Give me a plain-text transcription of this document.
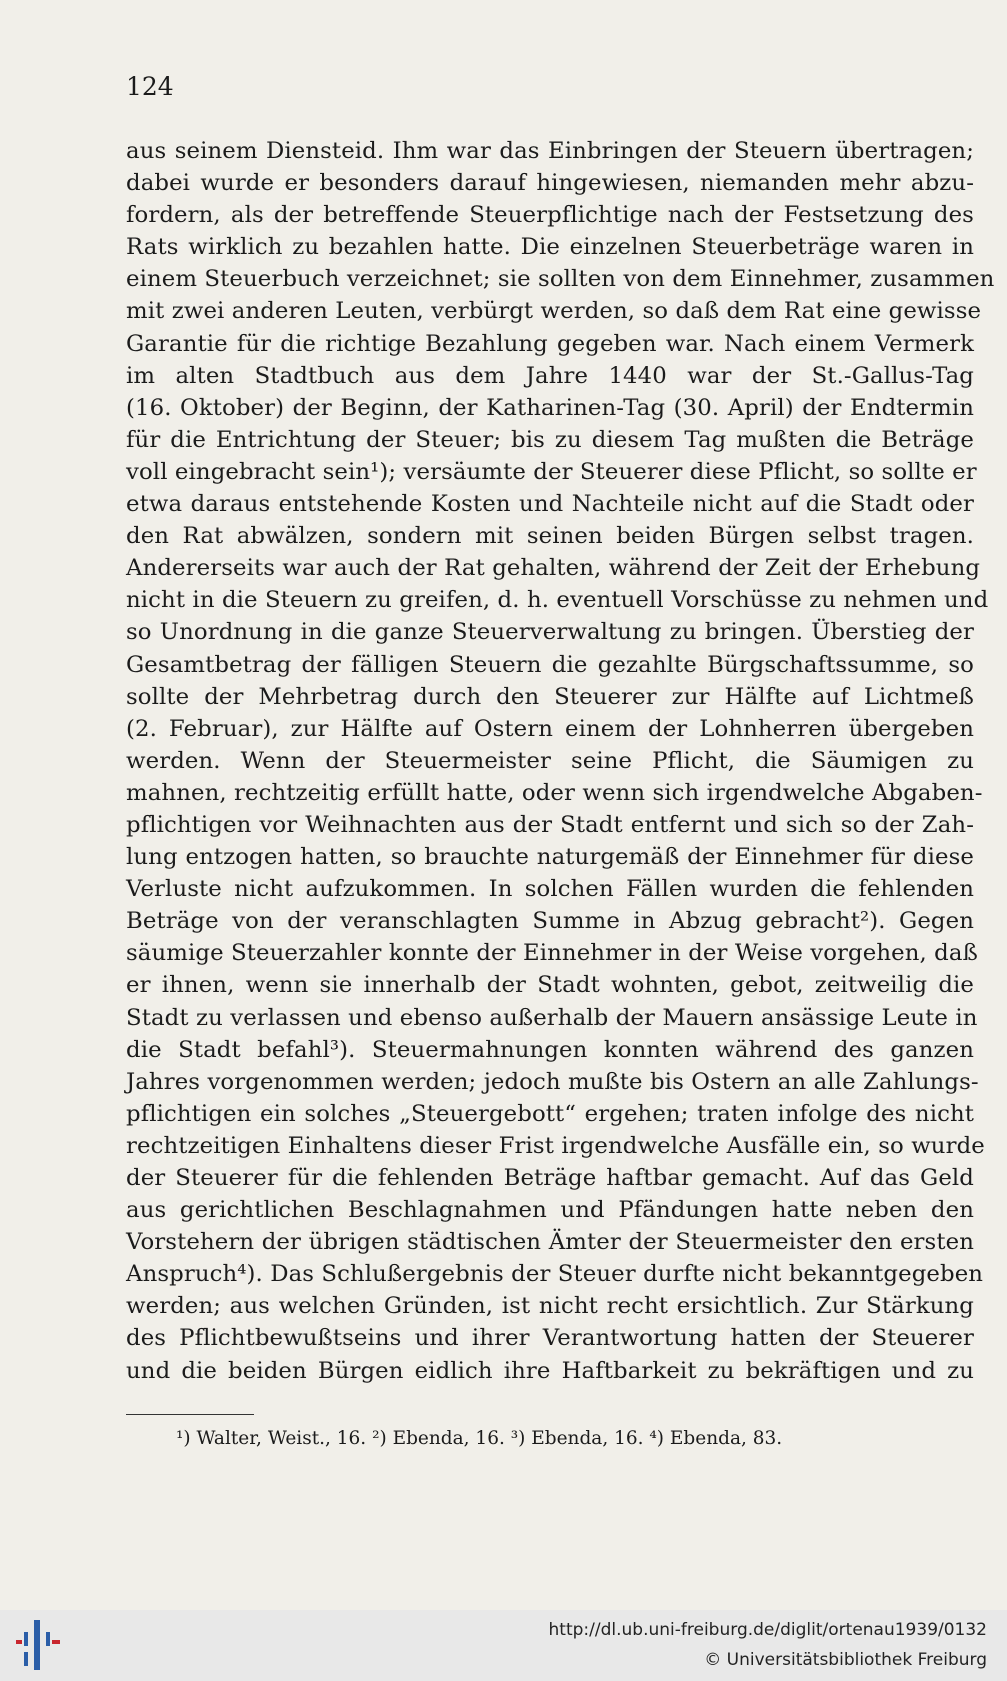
124
aus seinem Diensteid. Ihm war das Einbringen der Steuern übertragen;
dabei wurde er besonders darauf hingewiesen, niemanden mehr abzu-
fordern, als der betreffende Steuerpflichtige nach der Festsetzung des
Rats wirklich zu bezahlen hatte. Die einzelnen Steuerbeträge waren in
einem Steuerbuch verzeichnet; sie sollten von dem Einnehmer, zusammen
mit zwei anderen Leuten, verbürgt werden, so daß dem Rat eine gewisse
Garantie für die richtige Bezahlung gegeben war. Nach einem Vermerk
im alten Stadtbuch aus dem Jahre 1440 war der St.-Gallus-Tag
(16. Oktober) der Beginn, der Katharinen-Tag (30. April) der Endtermin
für die Entrichtung der Steuer; bis zu diesem Tag mußten die Beträge
voll eingebracht sein¹); versäumte der Steuerer diese Pflicht, so sollte er
etwa daraus entstehende Kosten und Nachteile nicht auf die Stadt oder
den Rat abwälzen, sondern mit seinen beiden Bürgen selbst tragen.
Andererseits war auch der Rat gehalten, während der Zeit der Erhebung
nicht in die Steuern zu greifen, d. h. eventuell Vorschüsse zu nehmen und
so Unordnung in die ganze Steuerverwaltung zu bringen. Überstieg der
Gesamtbetrag der fälligen Steuern die gezahlte Bürgschaftssumme, so
sollte der Mehrbetrag durch den Steuerer zur Hälfte auf Lichtmeß
(2. Februar), zur Hälfte auf Ostern einem der Lohnherren übergeben
werden. Wenn der Steuermeister seine Pflicht, die Säumigen zu
mahnen, rechtzeitig erfüllt hatte, oder wenn sich irgendwelche Abgaben-
pflichtigen vor Weihnachten aus der Stadt entfernt und sich so der Zah-
lung entzogen hatten, so brauchte naturgemäß der Einnehmer für diese
Verluste nicht aufzukommen. In solchen Fällen wurden die fehlenden
Beträge von der veranschlagten Summe in Abzug gebracht²). Gegen
säumige Steuerzahler konnte der Einnehmer in der Weise vorgehen, daß
er ihnen, wenn sie innerhalb der Stadt wohnten, gebot, zeitweilig die
Stadt zu verlassen und ebenso außerhalb der Mauern ansässige Leute in
die Stadt befahl³). Steuermahnungen konnten während des ganzen
Jahres vorgenommen werden; jedoch mußte bis Ostern an alle Zahlungs-
pflichtigen ein solches „Steuergebott“ ergehen; traten infolge des nicht
rechtzeitigen Einhaltens dieser Frist irgendwelche Ausfälle ein, so wurde
der Steuerer für die fehlenden Beträge haftbar gemacht. Auf das Geld
aus gerichtlichen Beschlagnahmen und Pfändungen hatte neben den
Vorstehern der übrigen städtischen Ämter der Steuermeister den ersten
Anspruch⁴). Das Schlußergebnis der Steuer durfte nicht bekanntgegeben
werden; aus welchen Gründen, ist nicht recht ersichtlich. Zur Stärkung
des Pflichtbewußtseins und ihrer Verantwortung hatten der Steuerer
und die beiden Bürgen eidlich ihre Haftbarkeit zu bekräftigen und zu
¹) Walter, Weist., 16. ²) Ebenda, 16. ³) Ebenda, 16. ⁴) Ebenda, 83.
http://dl.ub.uni-freiburg.de/diglit/ortenau1939/0132
© Universitätsbibliothek Freiburg
